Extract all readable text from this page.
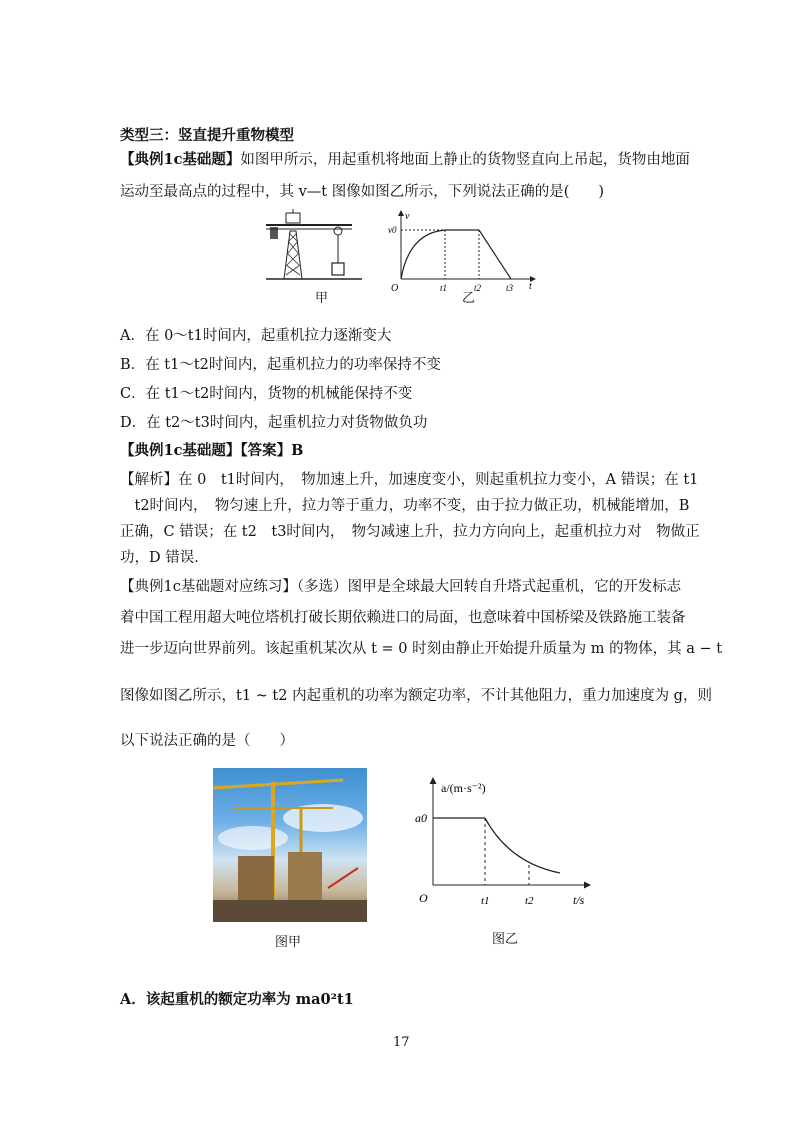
类型三：竖直提升重物模型
【典例1c基础题】如图甲所示，用起重机将地面上静止的货物竖直向上吊起，货物由地面
运动至最高点的过程中，其 v—t 图像如图乙所示，下列说法正确的是(　　)
甲
v
t
v0
O	t1	t2	t3
乙
A．在 0～t1时间内，起重机拉力逐渐变大
B．在 t1～t2时间内，起重机拉力的功率保持不变
C．在 t1～t2时间内，货物的机械能保持不变
D．在 t2～t3时间内，起重机拉力对货物做负功
【典例1c基础题】【答案】B
【解析】在 0　t1时间内，　物加速上升，加速度变小，则起重机拉力变小，A 错误；在 t1
　t2时间内，　物匀速上升，拉力等于重力，功率不变，由于拉力做正功，机械能增加，B
正确，C 错误；在 t2　t3时间内，　物匀减速上升，拉力方向向上，起重机拉力对　物做正
功，D 错误．
【典例1c基础题对应练习】（多选）图甲是全球最大回转自升塔式起重机，它的开发标志
着中国工程用超大吨位塔机打破长期依赖进口的局面，也意味着中国桥梁及铁路施工装备
进一步迈向世界前列。该起重机某次从 t = 0 时刻由静止开始提升质量为 m 的物体，其 a − t
图像如图乙所示，t1 ~ t2 内起重机的功率为额定功率，不计其他阻力，重力加速度为 g，则
以下说法正确的是（　　）
图甲
a/(m·s⁻²)
t/s
a0
O	t1	t2
图乙
A．该起重机的额定功率为 ma0²t1
17
